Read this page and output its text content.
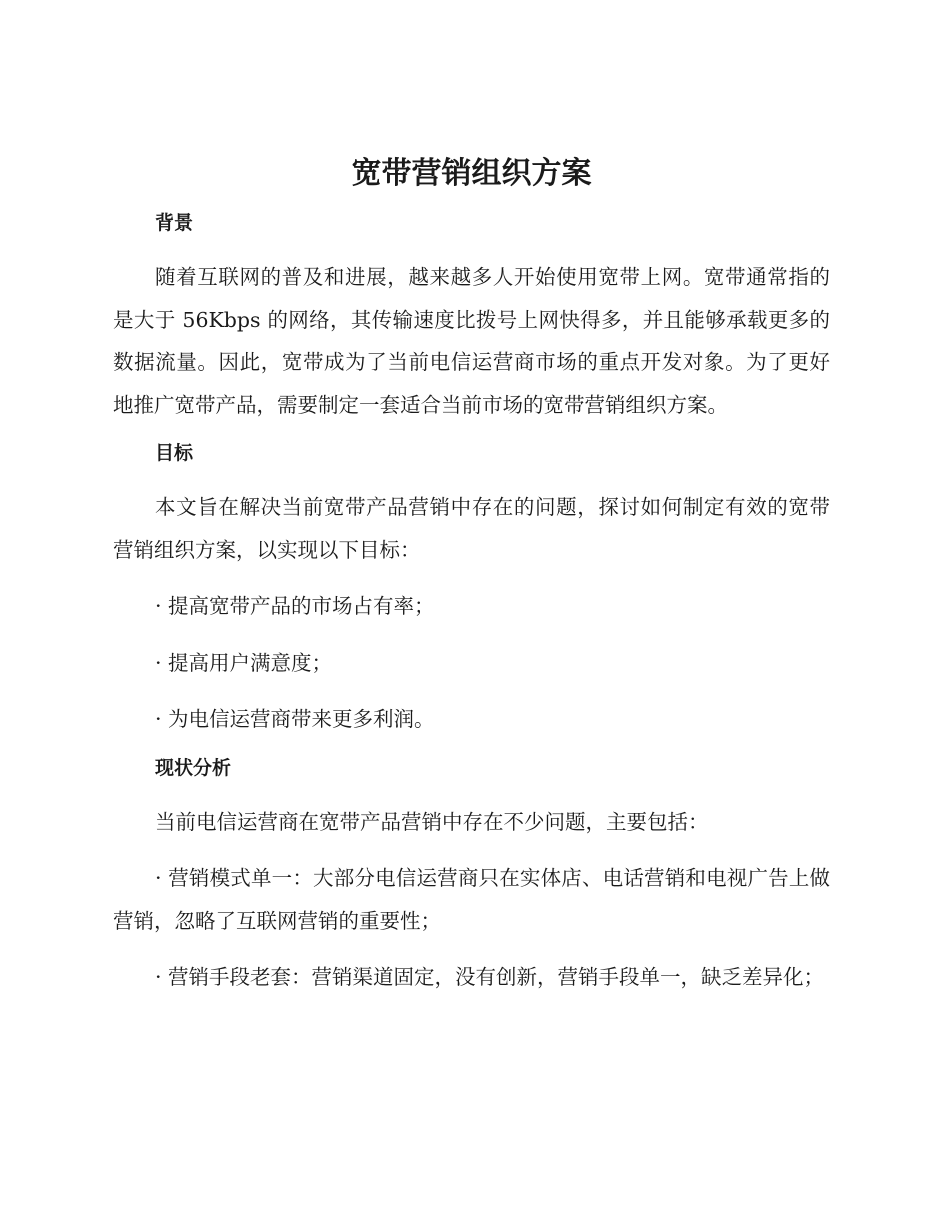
宽带营销组织方案
背景

随着互联网的普及和进展，越来越多人开始使用宽带上网。宽带通常指的是大于 56Kbps 的网络，其传输速度比拨号上网快得多，并且能够承载更多的数据流量。因此，宽带成为了当前电信运营商市场的重点开发对象。为了更好地推广宽带产品，需要制定一套适合当前市场的宽带营销组织方案。

目标

本文旨在解决当前宽带产品营销中存在的问题，探讨如何制定有效的宽带营销组织方案，以实现以下目标：

· 提高宽带产品的市场占有率；

· 提高用户满意度；

· 为电信运营商带来更多利润。

现状分析

当前电信运营商在宽带产品营销中存在不少问题，主要包括：

· 营销模式单一：大部分电信运营商只在实体店、电话营销和电视广告上做营销，忽略了互联网营销的重要性；

· 营销手段老套：营销渠道固定，没有创新，营销手段单一，缺乏差异化；
